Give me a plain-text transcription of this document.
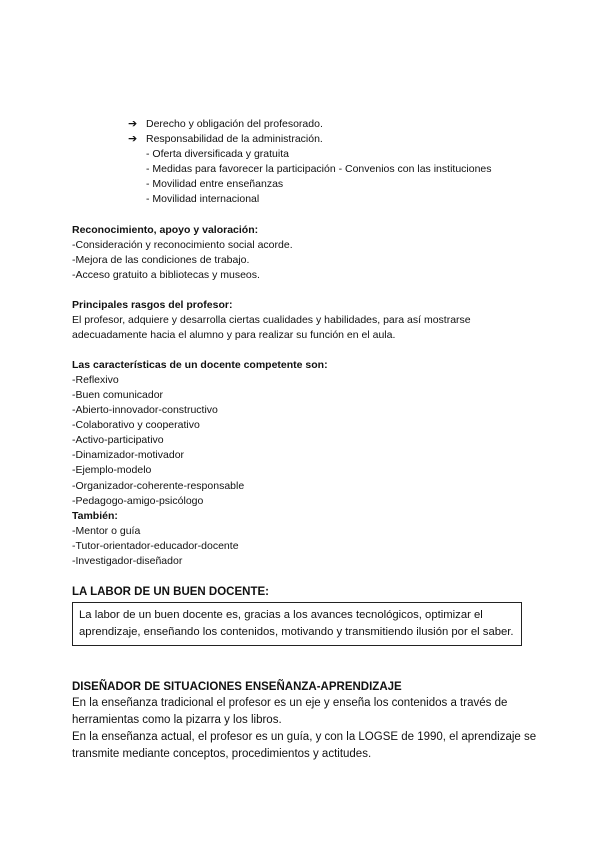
➔ Derecho y obligación del profesorado.
➔ Responsabilidad de la administración.
- Oferta diversificada y gratuita
- Medidas para favorecer la participación - Convenios con las instituciones
- Movilidad entre enseñanzas
- Movilidad internacional
Reconocimiento, apoyo y valoración:
-Consideración y reconocimiento social acorde.
-Mejora de las condiciones de trabajo.
-Acceso gratuito a bibliotecas y museos.
Principales rasgos del profesor:
El profesor, adquiere y desarrolla ciertas cualidades y habilidades, para así mostrarse
adecuadamente hacia el alumno y para realizar su función en el aula.
Las características de un docente competente son:
-Reflexivo
-Buen comunicador
-Abierto-innovador-constructivo
-Colaborativo y cooperativo
-Activo-participativo
-Dinamizador-motivador
-Ejemplo-modelo
-Organizador-coherente-responsable
-Pedagogo-amigo-psicólogo
También:
-Mentor o guía
-Tutor-orientador-educador-docente
-Investigador-diseñador
LA LABOR DE UN BUEN DOCENTE:
La labor de un buen docente es, gracias a los avances tecnológicos, optimizar el
aprendizaje, enseñando los contenidos, motivando y transmitiendo ilusión por el saber.
DISEÑADOR DE SITUACIONES ENSEÑANZA-APRENDIZAJE
En la enseñanza tradicional el profesor es un eje y enseña los contenidos a través de
herramientas como la pizarra y los libros.
En la enseñanza actual, el profesor es un guía, y con la LOGSE de 1990, el aprendizaje se
transmite mediante conceptos, procedimientos y actitudes.
